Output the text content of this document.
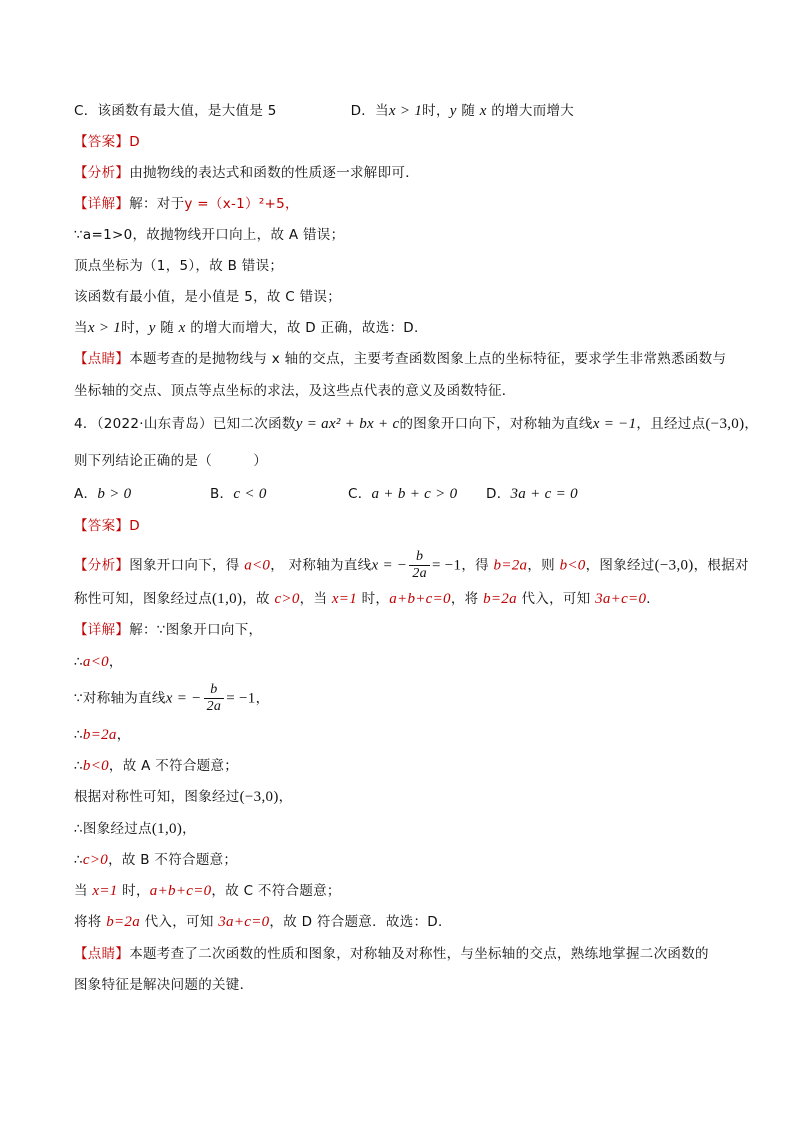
C．该函数有最大值，是大值是 5	D．当x > 1时，y 随 x 的增大而增大
【答案】D
【分析】由抛物线的表达式和函数的性质逐一求解即可．
【详解】解：对于y =（x-1）²+5，
∵a=1>0，故抛物线开口向上，故 A 错误；
顶点坐标为（1，5），故 B 错误；
该函数有最小值，是小值是 5，故 C 错误；
当x > 1时，y 随 x 的增大而增大，故 D 正确，故选：D.
【点睛】本题考查的是抛物线与 x 轴的交点，主要考查函数图象上点的坐标特征，要求学生非常熟悉函数与
坐标轴的交点、顶点等点坐标的求法，及这些点代表的意义及函数特征．
4．（2022·山东青岛）已知二次函数y = ax² + bx + c的图象开口向下，对称轴为直线x = −1，且经过点(−3,0)，
则下列结论正确的是（　　　）
A．b > 0	B．c < 0	C．a + b + c > 0 D．3a + c = 0
【答案】D
【分析】图象开口向下，得 a<0， 对称轴为直线x = − $\frac{b}{2a} = -1$，得 b=2a，则 b<0，图象经过(−3,0)，根据对
称性可知，图象经过点(1,0)，故 c>0，当 x=1 时，a+b+c=0，将 b=2a 代入，可知 3a+c=0．
【详解】解：∵图象开口向下，
∴a<0，
∵对称轴为直线x = − $\frac{b}{2a} = -1$，
∴b=2a，
∴b<0，故 A 不符合题意；
根据对称性可知，图象经过(−3,0)，
∴图象经过点(1,0)，
∴c>0，故 B 不符合题意；
当 x=1 时，a+b+c=0，故 C 不符合题意；
将将 b=2a 代入，可知 3a+c=0，故 D 符合题意．故选：D．
【点睛】本题考查了二次函数的性质和图象，对称轴及对称性，与坐标轴的交点，熟练地掌握二次函数的
图象特征是解决问题的关键．
